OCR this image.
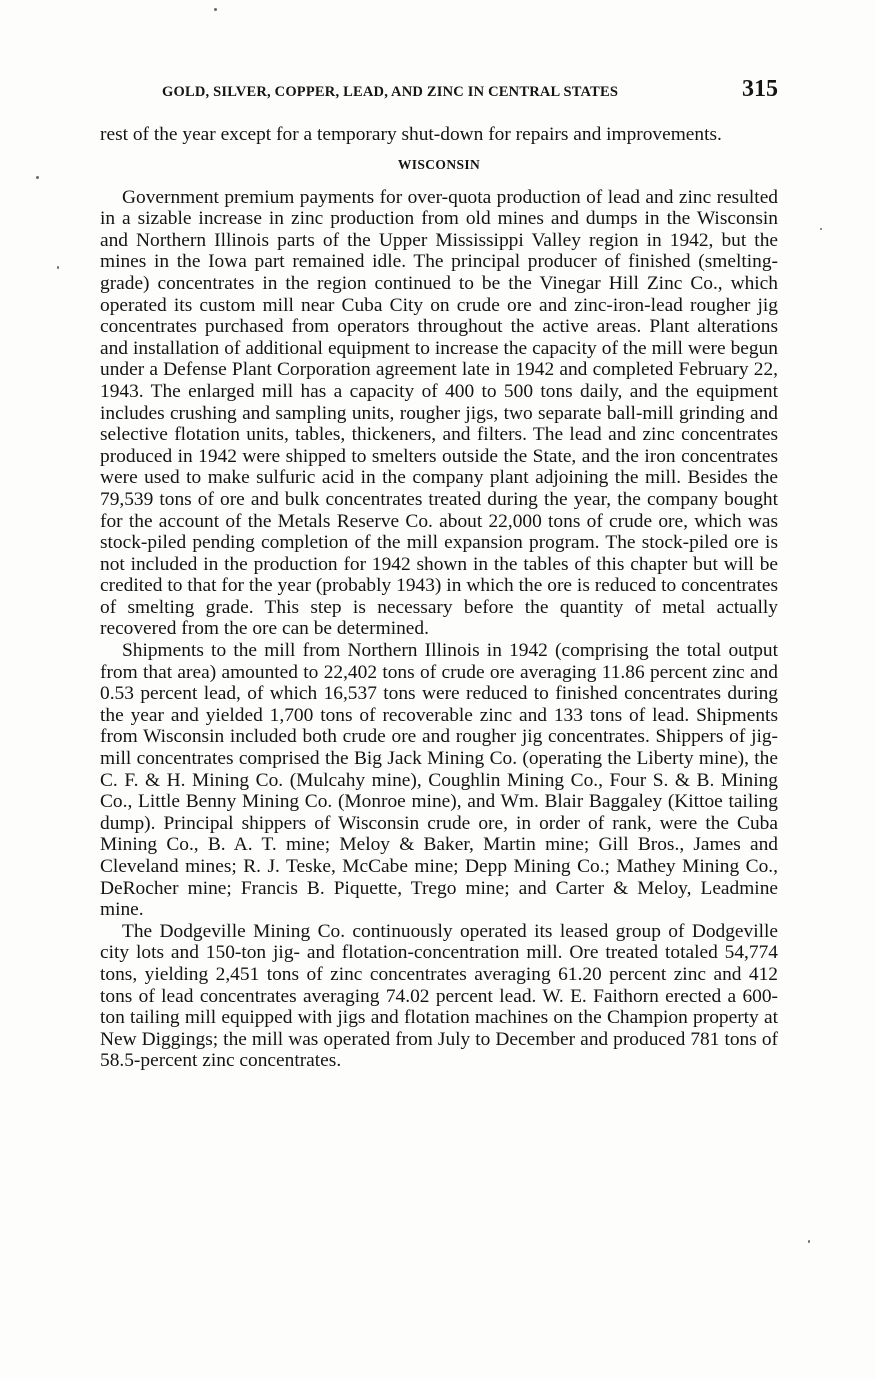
GOLD, SILVER, COPPER, LEAD, AND ZINC IN CENTRAL STATES	315

rest of the year except for a temporary shut-down for repairs and improvements.

WISCONSIN

Government premium payments for over-quota production of lead and zinc resulted in a sizable increase in zinc production from old mines and dumps in the Wisconsin and Northern Illinois parts of the Upper Mississippi Valley region in 1942, but the mines in the Iowa part remained idle. The principal producer of finished (smelting-grade) concentrates in the region continued to be the Vinegar Hill Zinc Co., which operated its custom mill near Cuba City on crude ore and zinc-iron-lead rougher jig concentrates purchased from operators throughout the active areas. Plant alterations and installation of additional equipment to increase the capacity of the mill were begun under a Defense Plant Corporation agreement late in 1942 and completed February 22, 1943. The enlarged mill has a capacity of 400 to 500 tons daily, and the equipment includes crushing and sampling units, rougher jigs, two separate ball-mill grinding and selective flotation units, tables, thickeners, and filters. The lead and zinc concentrates produced in 1942 were shipped to smelters outside the State, and the iron concentrates were used to make sulfuric acid in the company plant adjoining the mill. Besides the 79,539 tons of ore and bulk concentrates treated during the year, the company bought for the account of the Metals Reserve Co. about 22,000 tons of crude ore, which was stock-piled pending completion of the mill expansion program. The stock-piled ore is not included in the production for 1942 shown in the tables of this chapter but will be credited to that for the year (probably 1943) in which the ore is reduced to concentrates of smelting grade. This step is necessary before the quantity of metal actually recovered from the ore can be determined.

Shipments to the mill from Northern Illinois in 1942 (comprising the total output from that area) amounted to 22,402 tons of crude ore averaging 11.86 percent zinc and 0.53 percent lead, of which 16,537 tons were reduced to finished concentrates during the year and yielded 1,700 tons of recoverable zinc and 133 tons of lead. Shipments from Wisconsin included both crude ore and rougher jig concentrates. Shippers of jig-mill concentrates comprised the Big Jack Mining Co. (operating the Liberty mine), the C. F. & H. Mining Co. (Mulcahy mine), Coughlin Mining Co., Four S. & B. Mining Co., Little Benny Mining Co. (Monroe mine), and Wm. Blair Baggaley (Kittoe tailing dump). Principal shippers of Wisconsin crude ore, in order of rank, were the Cuba Mining Co., B. A. T. mine; Meloy & Baker, Martin mine; Gill Bros., James and Cleveland mines; R. J. Teske, McCabe mine; Depp Mining Co.; Mathey Mining Co., DeRocher mine; Francis B. Piquette, Trego mine; and Carter & Meloy, Leadmine mine.

The Dodgeville Mining Co. continuously operated its leased group of Dodgeville city lots and 150-ton jig- and flotation-concentration mill. Ore treated totaled 54,774 tons, yielding 2,451 tons of zinc concentrates averaging 61.20 percent zinc and 412 tons of lead concentrates averaging 74.02 percent lead. W. E. Faithorn erected a 600-ton tailing mill equipped with jigs and flotation machines on the Champion property at New Diggings; the mill was operated from July to December and produced 781 tons of 58.5-percent zinc concentrates.
